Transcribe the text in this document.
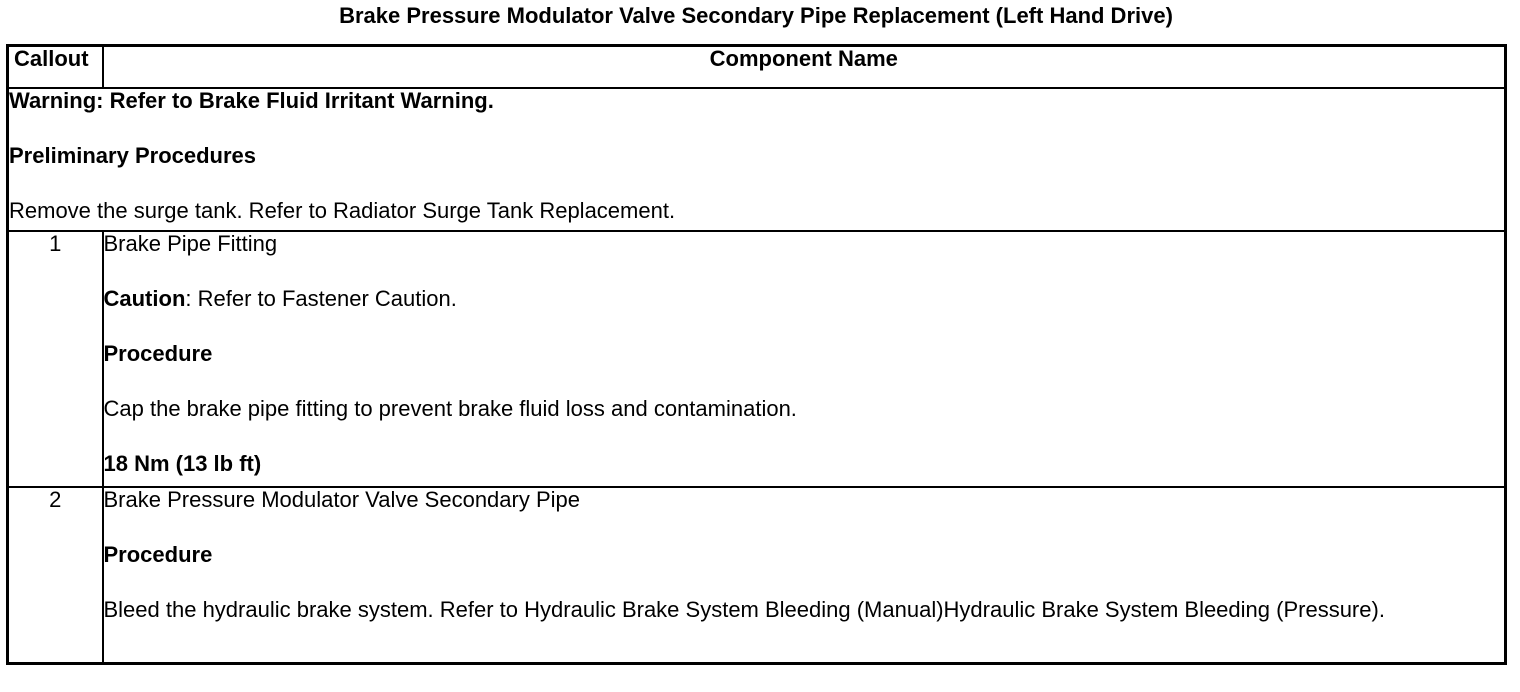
Brake Pressure Modulator Valve Secondary Pipe Replacement (Left Hand Drive)
Callout	Component Name

Warning: Refer to Brake Fluid Irritant Warning.
Preliminary Procedures
Remove the surge tank. Refer to Radiator Surge Tank Replacement.	

1	Brake Pipe Fitting
Caution: Refer to Fastener Caution.
Procedure
Cap the brake pipe fitting to prevent brake fluid loss and contamination.
18 Nm (13 lb ft)

2	Brake Pressure Modulator Valve Secondary Pipe
Procedure
Bleed the hydraulic brake system. Refer to Hydraulic Brake System Bleeding (Manual)Hydraulic Brake System Bleeding (Pressure).
